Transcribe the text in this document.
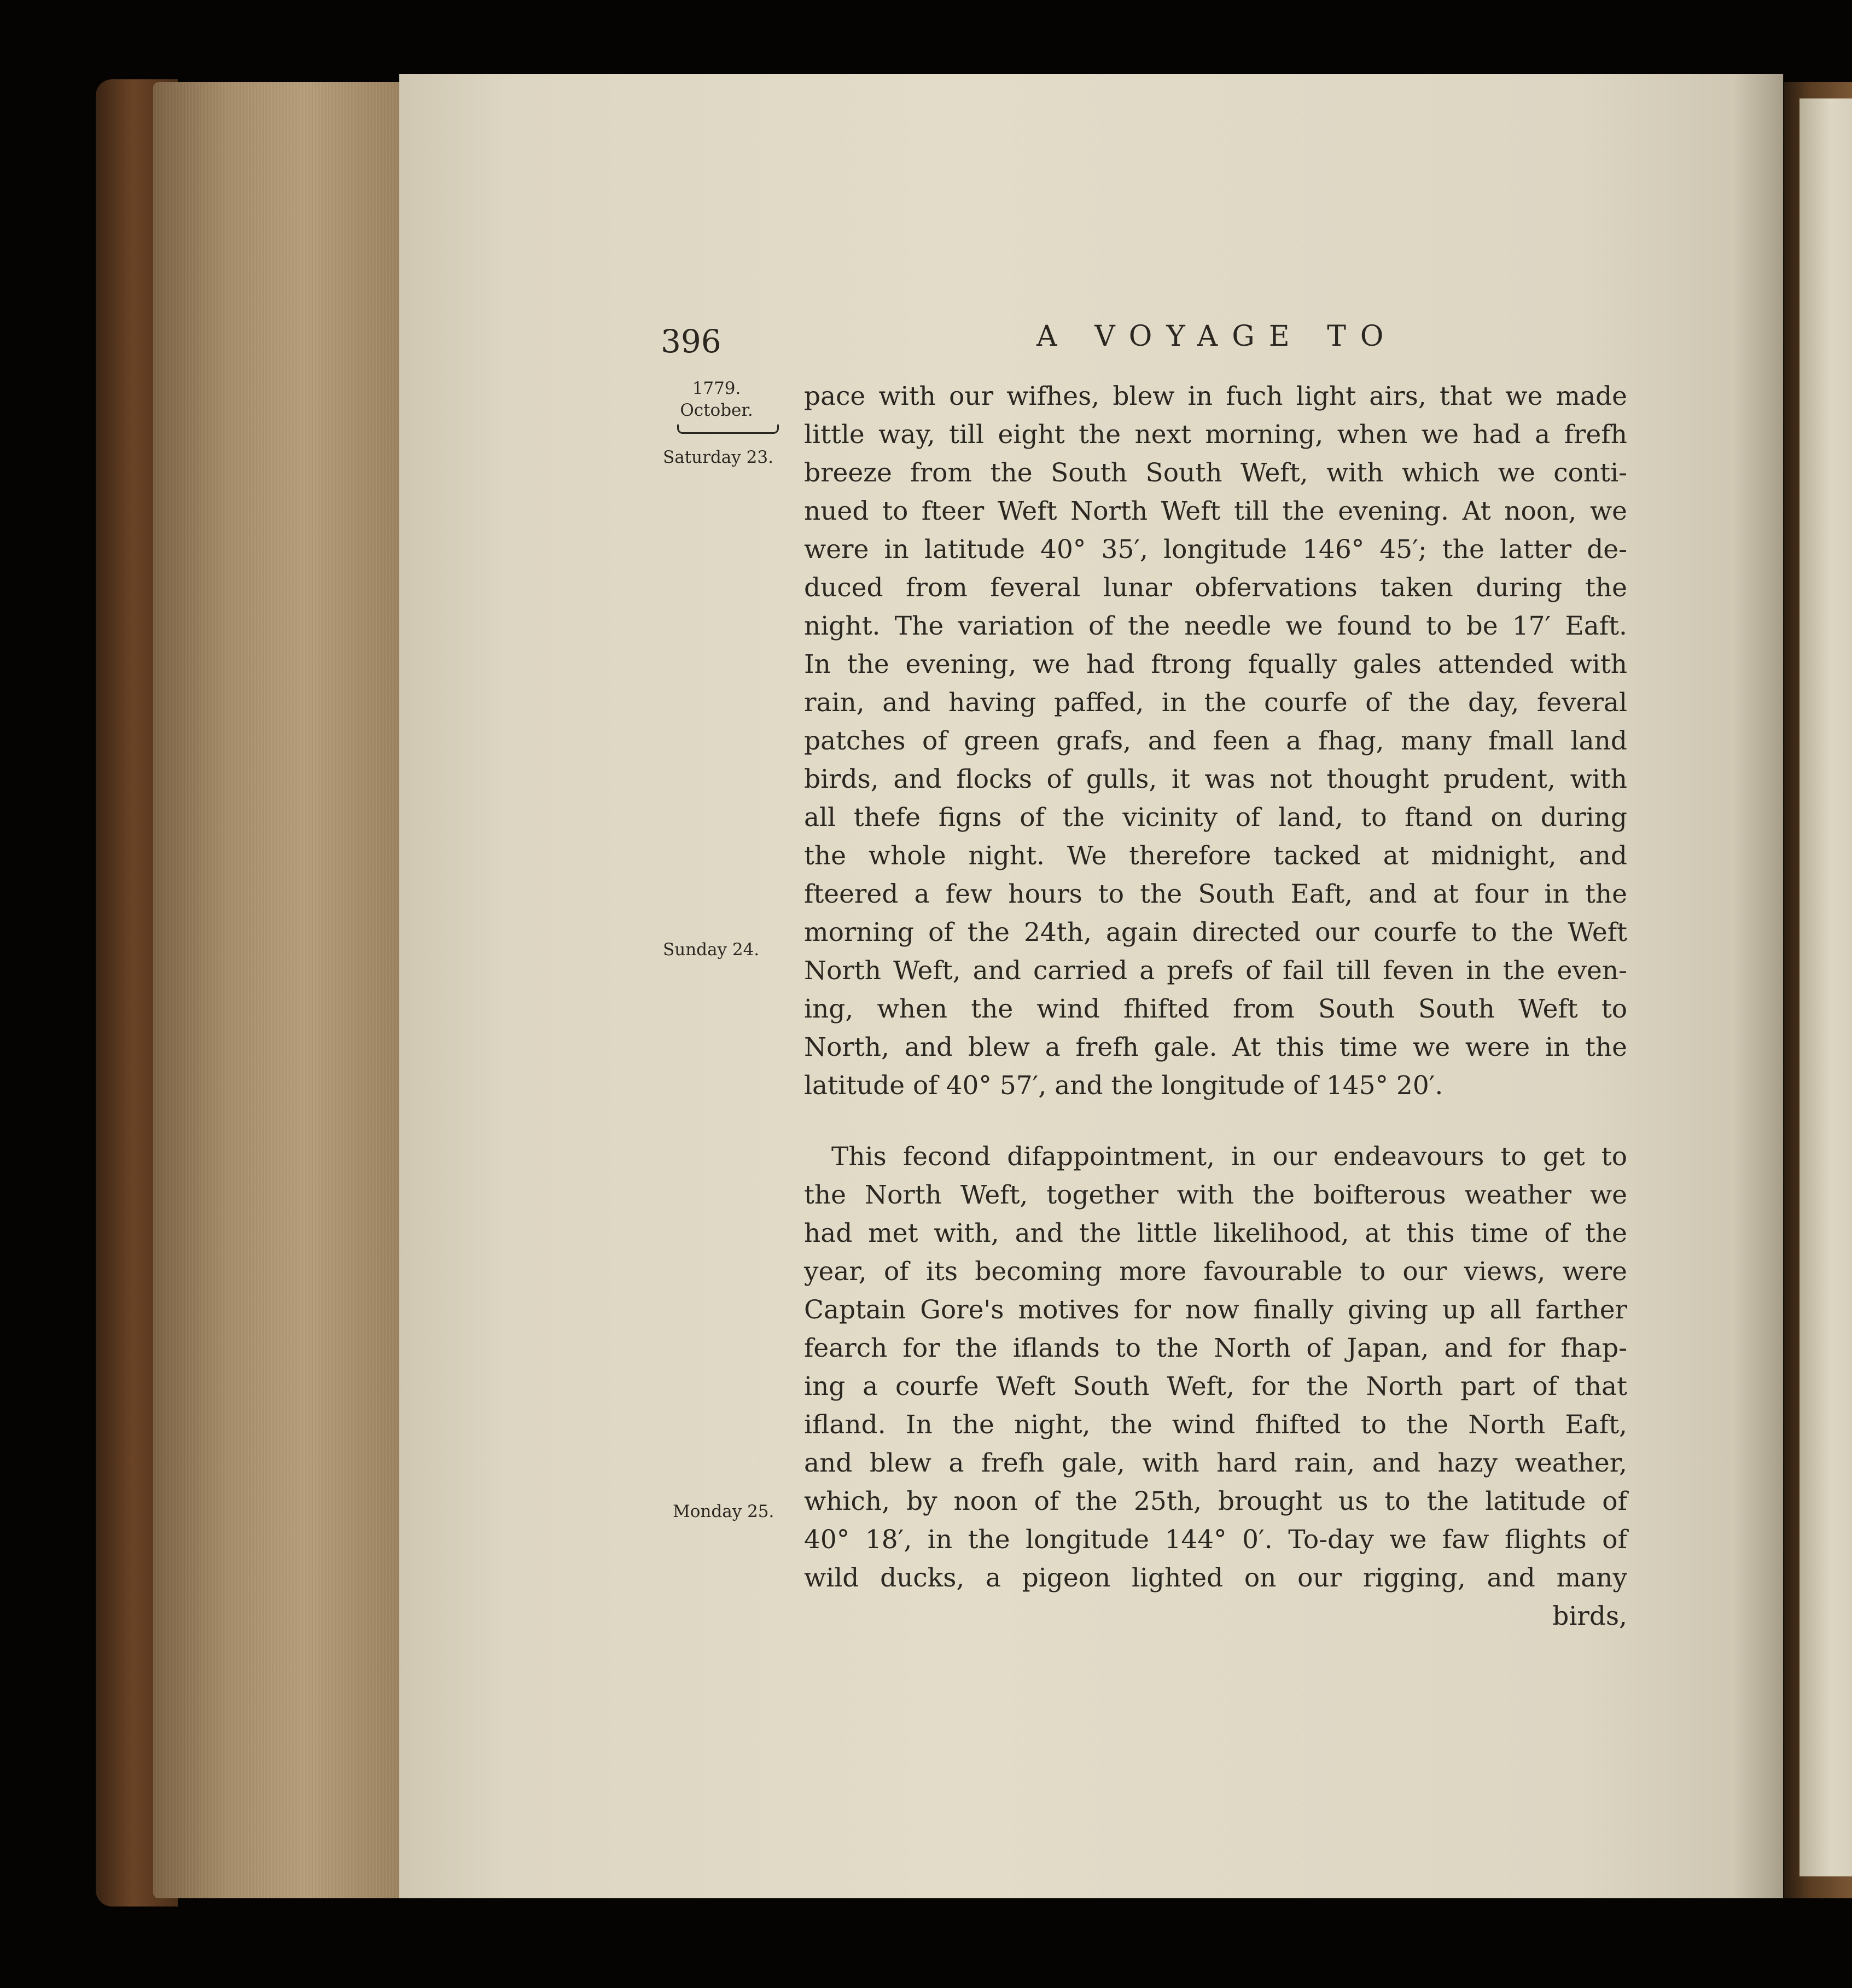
396	A VOYAGE TO
1779.
October.
Saturday 23.
Sunday 24.
Monday 25.
pace with our wifhes, blew in fuch light airs, that we made
little way, till eight the next morning, when we had a frefh
breeze from the South South Weft, with which we conti-
nued to fteer Weft North Weft till the evening. At noon, we
were in latitude 40° 35′, longitude 146° 45′; the latter de-
duced from feveral lunar obfervations taken during the
night. The variation of the needle we found to be 17′ Eaft.
In the evening, we had ftrong fqually gales attended with
rain, and having paffed, in the courfe of the day, feveral
patches of green grafs, and feen a fhag, many fmall land
birds, and flocks of gulls, it was not thought prudent, with
all thefe figns of the vicinity of land, to ftand on during
the whole night. We therefore tacked at midnight, and
fteered a few hours to the South Eaft, and at four in the
morning of the 24th, again directed our courfe to the Weft
North Weft, and carried a prefs of fail till feven in the even-
ing, when the wind fhifted from South South Weft to
North, and blew a frefh gale. At this time we were in the
latitude of 40° 57′, and the longitude of 145° 20′.
This fecond difappointment, in our endeavours to get to
the North Weft, together with the boifterous weather we
had met with, and the little likelihood, at this time of the
year, of its becoming more favourable to our views, were
Captain Gore's motives for now finally giving up all farther
fearch for the iflands to the North of Japan, and for fhap-
ing a courfe Weft South Weft, for the North part of that
ifland. In the night, the wind fhifted to the North Eaft,
and blew a frefh gale, with hard rain, and hazy weather,
which, by noon of the 25th, brought us to the latitude of
40° 18′, in the longitude 144° 0′. To-day we faw flights of
wild ducks, a pigeon lighted on our rigging, and many
birds,
